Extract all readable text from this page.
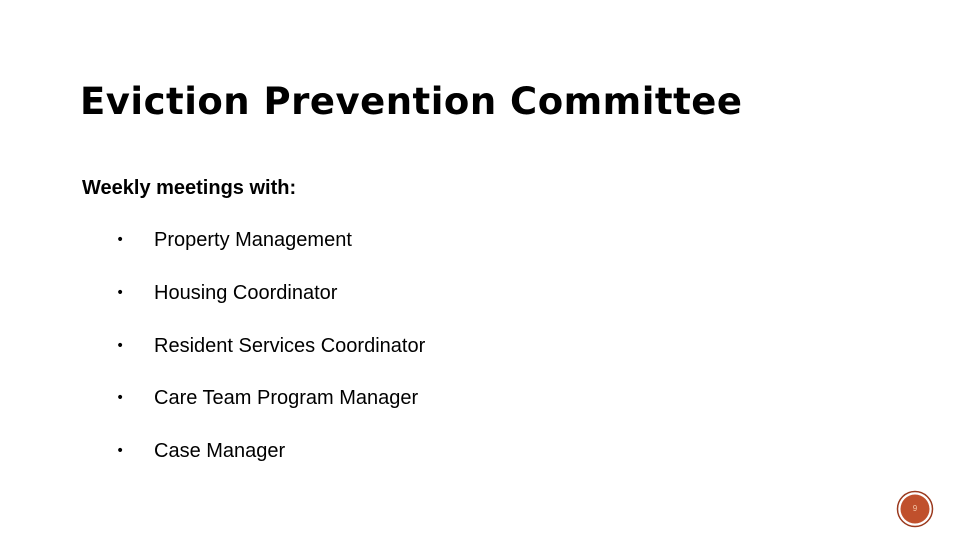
Eviction Prevention Committee

Weekly meetings with:

• Property Management
• Housing Coordinator
• Resident Services Coordinator
• Care Team Program Manager
• Case Manager
9
